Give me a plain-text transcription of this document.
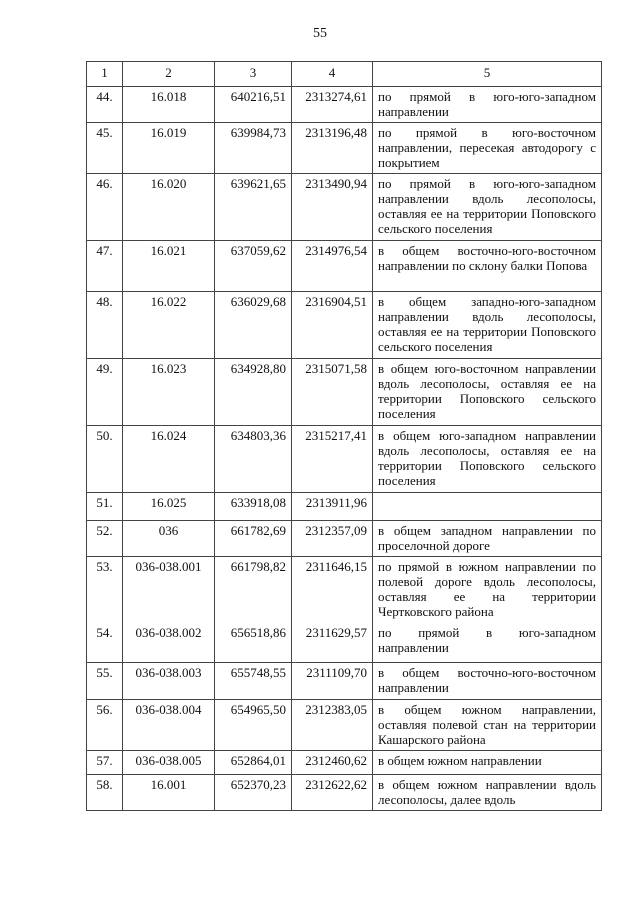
55
1	2	3	4	5
44.	16.018	640216,51	2313274,61	по прямой в юго-юго-западном направлении
45.	16.019	639984,73	2313196,48	по прямой в юго-восточном направлении, пересекая автодорогу с покрытием
46.	16.020	639621,65	2313490,94	по прямой в юго-юго-западном направлении вдоль лесополосы, оставляя ее на территории Поповского сельского поселения
47.	16.021	637059,62	2314976,54	в общем восточно-юго-восточном направлении по склону балки Попова
48.	16.022	636029,68	2316904,51	в общем западно-юго-западном направлении вдоль лесополосы, оставляя ее на территории Поповского сельского поселения
49.	16.023	634928,80	2315071,58	в общем юго-восточном направлении вдоль лесополосы, оставляя ее на территории Поповского сельского поселения
50.	16.024	634803,36	2315217,41	в общем юго-западном направлении вдоль лесополосы, оставляя ее на территории Поповского сельского поселения
51.	16.025	633918,08	2313911,96	
52.	036	661782,69	2312357,09	в общем западном направлении по проселочной дороге
53.	036-038.001	661798,82	2311646,15	по прямой в южном направлении по полевой дороге вдоль лесополосы, оставляя ее на территории Чертковского района
54.	036-038.002	656518,86	2311629,57	по прямой в юго-западном направлении
55.	036-038.003	655748,55	2311109,70	в общем восточно-юго-восточном направлении
56.	036-038.004	654965,50	2312383,05	в общем южном направлении, оставляя полевой стан на территории Кашарского района
57.	036-038.005	652864,01	2312460,62	в общем южном направлении
58.	16.001	652370,23	2312622,62	в общем южном направлении вдоль лесополосы, далее вдоль
